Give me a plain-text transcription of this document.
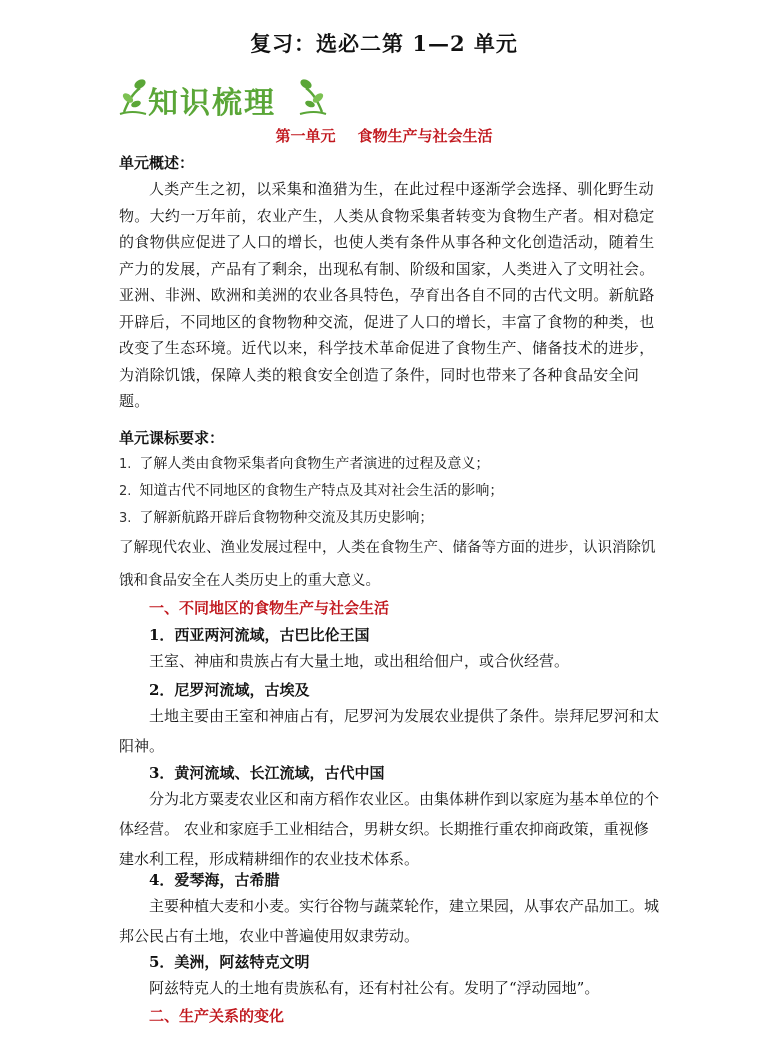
复习：选必二第 1—2 单元
知识梳理
第一单元 食物生产与社会生活
单元概述：

人类产生之初，以采集和渔猎为生，在此过程中逐渐学会选择、驯化野生动物。大约一万年前，农业产生，人类从食物采集者转变为食物生产者。相对稳定的食物供应促进了人口的增长，也使人类有条件从事各种文化创造活动，随着生产力的发展，产品有了剩余，出现私有制、阶级和国家，人类进入了文明社会。亚洲、非洲、欧洲和美洲的农业各具特色，孕育出各自不同的古代文明。新航路开辟后，不同地区的食物物种交流，促进了人口的增长，丰富了食物的种类，也改变了生态环境。近代以来，科学技术革命促进了食物生产、储备技术的进步，为消除饥饿，保障人类的粮食安全创造了条件，同时也带来了各种食品安全问题。

单元课标要求：
1. 了解人类由食物采集者向食物生产者演进的过程及意义；
2. 知道古代不同地区的食物生产特点及其对社会生活的影响；
3. 了解新航路开辟后食物物种交流及其历史影响；

了解现代农业、渔业发展过程中，人类在食物生产、储备等方面的进步，认识消除饥饿和食品安全在人类历史上的重大意义。

一、不同地区的食物生产与社会生活
1．西亚两河流域，古巴比伦王国

王室、神庙和贵族占有大量土地，或出租给佃户，或合伙经营。

2．尼罗河流域，古埃及

土地主要由王室和神庙占有，尼罗河为发展农业提供了条件。崇拜尼罗河和太阳神。

3．黄河流域、长江流域，古代中国

分为北方粟麦农业区和南方稻作农业区。由集体耕作到以家庭为基本单位的个体经营。 农业和家庭手工业相结合，男耕女织。长期推行重农抑商政策，重视修建水利工程，形成精耕细作的农业技术体系。

4．爱琴海，古希腊

主要种植大麦和小麦。实行谷物与蔬菜轮作，建立果园，从事农产品加工。城邦公民占有土地，农业中普遍使用奴隶劳动。

5．美洲，阿兹特克文明

阿兹特克人的土地有贵族私有，还有村社公有。发明了“浮动园地”。

二、生产关系的变化
